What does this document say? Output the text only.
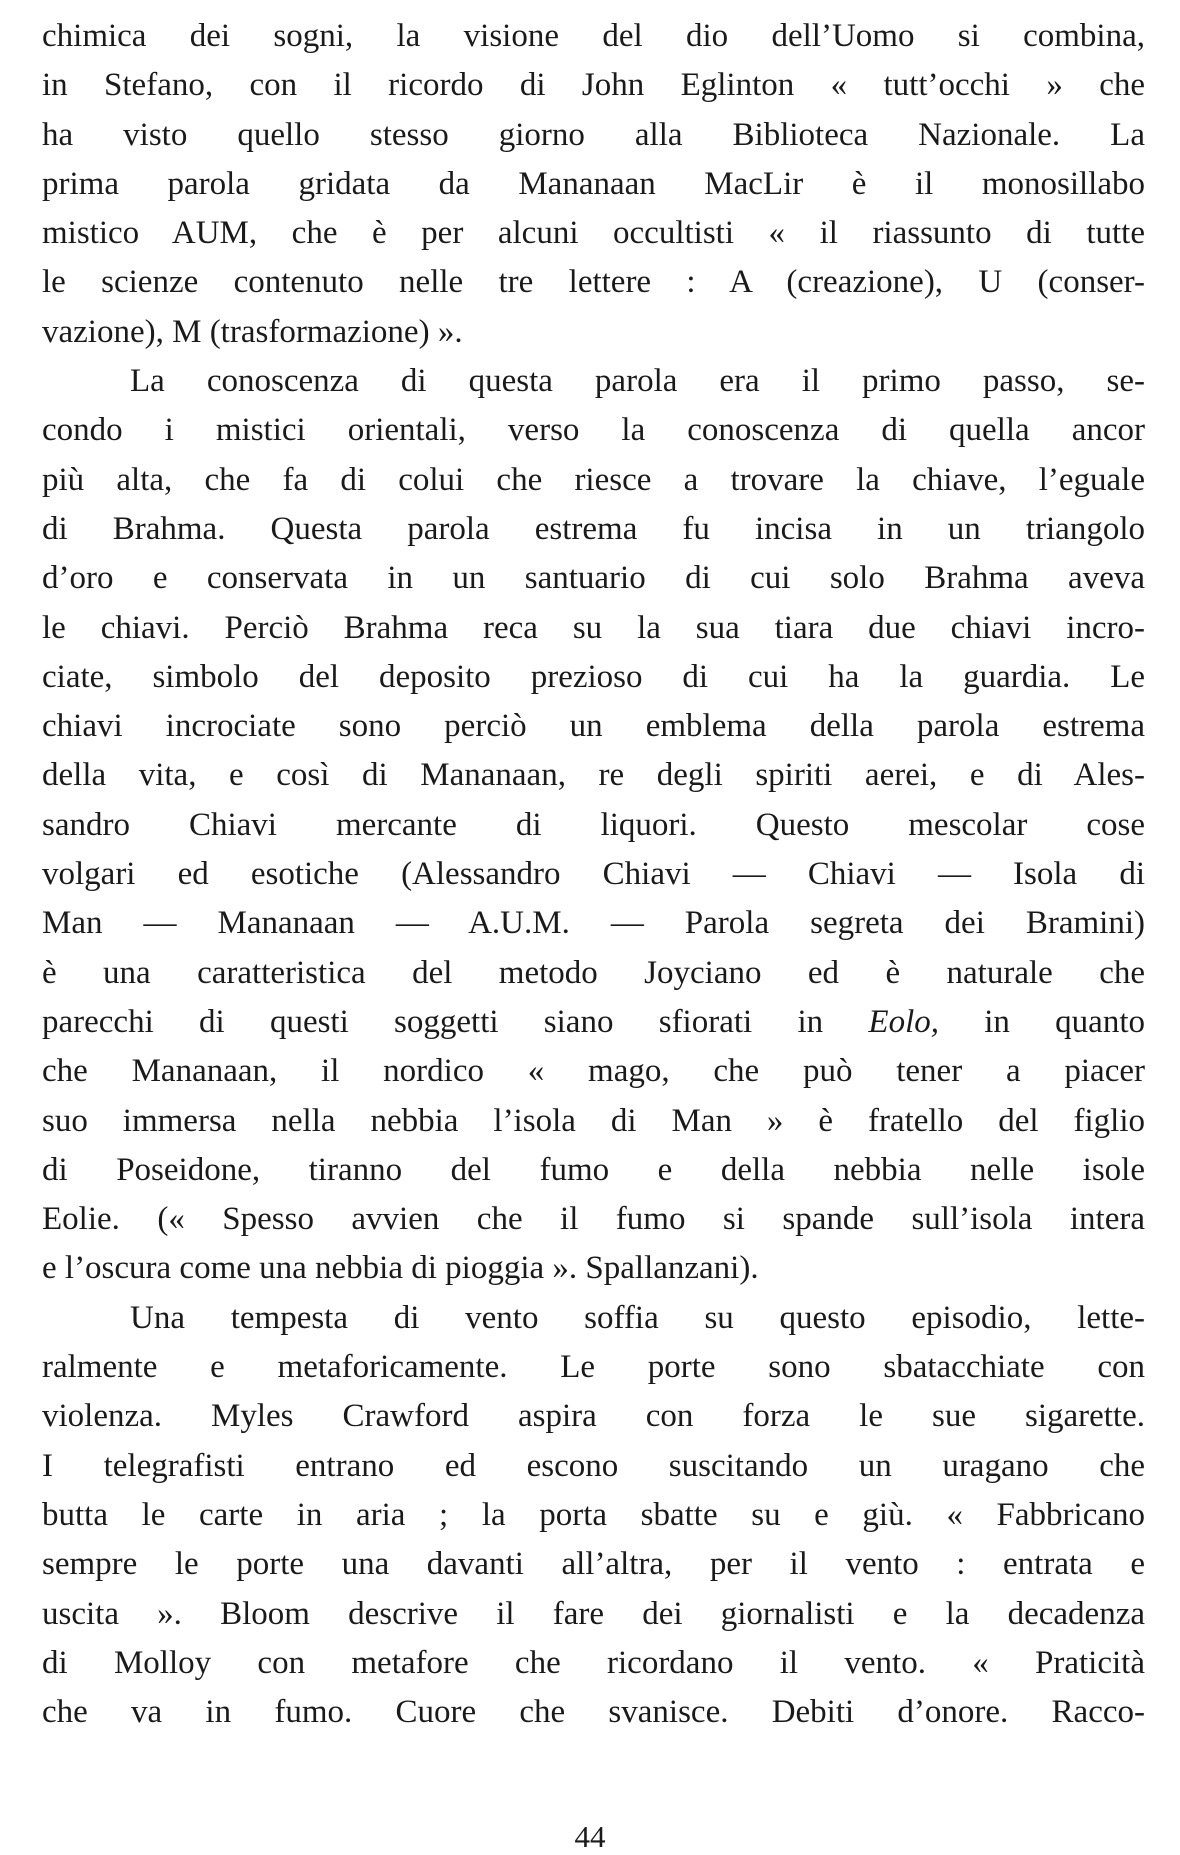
chimica dei sogni, la visione del dio dell’Uomo si combina,
in Stefano, con il ricordo di John Eglinton « tutt’occhi » che
ha visto quello stesso giorno alla Biblioteca Nazionale. La
prima parola gridata da Mananaan MacLir è il monosillabo
mistico AUM, che è per alcuni occultisti « il riassunto di tutte
le scienze contenuto nelle tre lettere : A (creazione), U (conser-
vazione), M (trasformazione) ».
La conoscenza di questa parola era il primo passo, se-
condo i mistici orientali, verso la conoscenza di quella ancor
più alta, che fa di colui che riesce a trovare la chiave, l’eguale
di Brahma. Questa parola estrema fu incisa in un triangolo
d’oro e conservata in un santuario di cui solo Brahma aveva
le chiavi. Perciò Brahma reca su la sua tiara due chiavi incro-
ciate, simbolo del deposito prezioso di cui ha la guardia. Le
chiavi incrociate sono perciò un emblema della parola estrema
della vita, e così di Mananaan, re degli spiriti aerei, e di Ales-
sandro Chiavi mercante di liquori. Questo mescolar cose
volgari ed esotiche (Alessandro Chiavi — Chiavi — Isola di
Man — Mananaan — A.U.M. — Parola segreta dei Bramini)
è una caratteristica del metodo Joyciano ed è naturale che
parecchi di questi soggetti siano sfiorati in Eolo, in quanto
che Mananaan, il nordico « mago, che può tener a piacer
suo immersa nella nebbia l’isola di Man » è fratello del figlio
di Poseidone, tiranno del fumo e della nebbia nelle isole
Eolie. (« Spesso avvien che il fumo si spande sull’isola intera
e l’oscura come una nebbia di pioggia ». Spallanzani).
Una tempesta di vento soffia su questo episodio, lette-
ralmente e metaforicamente. Le porte sono sbatacchiate con
violenza. Myles Crawford aspira con forza le sue sigarette.
I telegrafisti entrano ed escono suscitando un uragano che
butta le carte in aria ; la porta sbatte su e giù. « Fabbricano
sempre le porte una davanti all’altra, per il vento : entrata e
uscita ». Bloom descrive il fare dei giornalisti e la decadenza
di Molloy con metafore che ricordano il vento. « Praticità
che va in fumo. Cuore che svanisce. Debiti d’onore. Racco-
44
